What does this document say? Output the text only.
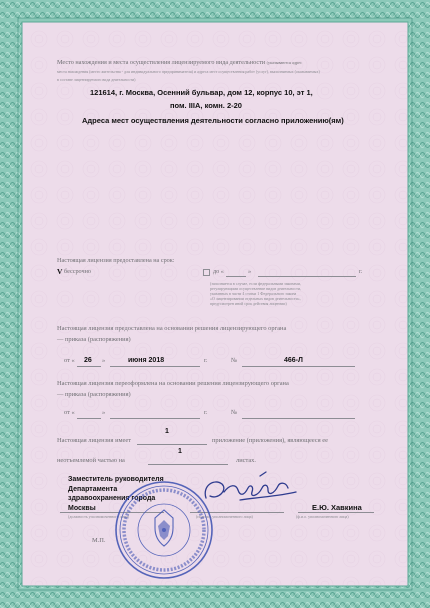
Место нахождения и места осуществления лицензируемого вида деятельности (указываются адрес
места нахождения (место жительства - для индивидуального предпринимателя) и адреса мест осуществления работ (услуг), выполняемых (оказываемых)
в составе лицензируемого вида деятельности)
121614, г. Москва, Осенний бульвар, дом 12, корпус 10, эт 1,
пом. IIIA, комн. 2-20
Адреса мест осуществления деятельности согласно приложению(ям)
Настоящая лицензия предоставлена на срок:
V бессрочно	до «	»	г.
(заполняется в случае, если федеральными законами,
регулирующими осуществление видов деятельности,
указанных в части 4 статьи 1 Федерального закона
«О лицензировании отдельных видов деятельности»,
предусмотрен иной срок действия лицензии)
Настоящая лицензия предоставлена на основании решения лицензирующего органа
— приказа (распоряжения)
от « 26 »	июня 2018	г.	№	466-Л
Настоящая лицензия переоформлена на основании решения лицензирующего органа
— приказа (распоряжения)
от «	»	г.	№
1
Настоящая лицензия имеет	приложение (приложения), являющееся ее
1
неотъемлемой частью на	листах.
Заместитель руководителя
Департамента
здравоохранения города
Москвы
(должность уполномоченного лица)	(подпись уполномоченного лица)
Е.Ю. Хавкина
(ф.и.о. уполномоченного лица)
М.П.
